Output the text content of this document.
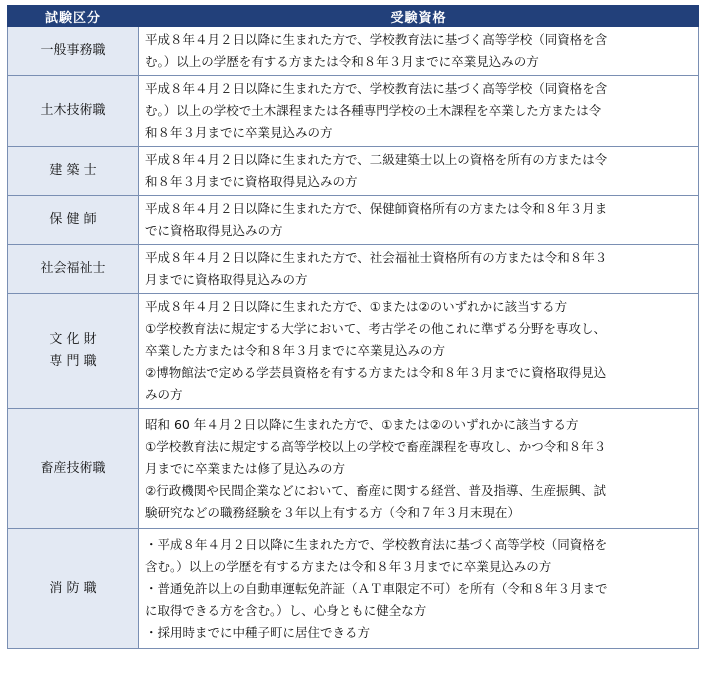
試験区分	受験資格

一般事務職	平成８年４月２日以降に生まれた方で、学校教育法に基づく高等学校（同資格を含
む。）以上の学歴を有する方または令和８年３月までに卒業見込みの方

土木技術職	平成８年４月２日以降に生まれた方で、学校教育法に基づく高等学校（同資格を含
む。）以上の学校で土木課程または各種専門学校の土木課程を卒業した方または令
和８年３月までに卒業見込みの方

建 築 士	平成８年４月２日以降に生まれた方で、二級建築士以上の資格を所有の方または令
和８年３月までに資格取得見込みの方

保 健 師	平成８年４月２日以降に生まれた方で、保健師資格所有の方または令和８年３月ま
でに資格取得見込みの方

社会福祉士	平成８年４月２日以降に生まれた方で、社会福祉士資格所有の方または令和８年３
月までに資格取得見込みの方

文 化 財
専 門 職	平成８年４月２日以降に生まれた方で、①または②のいずれかに該当する方
①学校教育法に規定する大学において、考古学その他これに準ずる分野を専攻し、
卒業した方または令和８年３月までに卒業見込みの方
②博物館法で定める学芸員資格を有する方または令和８年３月までに資格取得見込
みの方

畜産技術職	昭和 60 年４月２日以降に生まれた方で、①または②のいずれかに該当する方
①学校教育法に規定する高等学校以上の学校で畜産課程を専攻し、かつ令和８年３
月までに卒業または修了見込みの方
②行政機関や民間企業などにおいて、畜産に関する経営、普及指導、生産振興、試
験研究などの職務経験を３年以上有する方（令和７年３月末現在）

消 防 職	・平成８年４月２日以降に生まれた方で、学校教育法に基づく高等学校（同資格を
含む。）以上の学歴を有する方または令和８年３月までに卒業見込みの方
・普通免許以上の自動車運転免許証（ＡＴ車限定不可）を所有（令和８年３月まで
に取得できる方を含む。）し、心身ともに健全な方
・採用時までに中種子町に居住できる方
